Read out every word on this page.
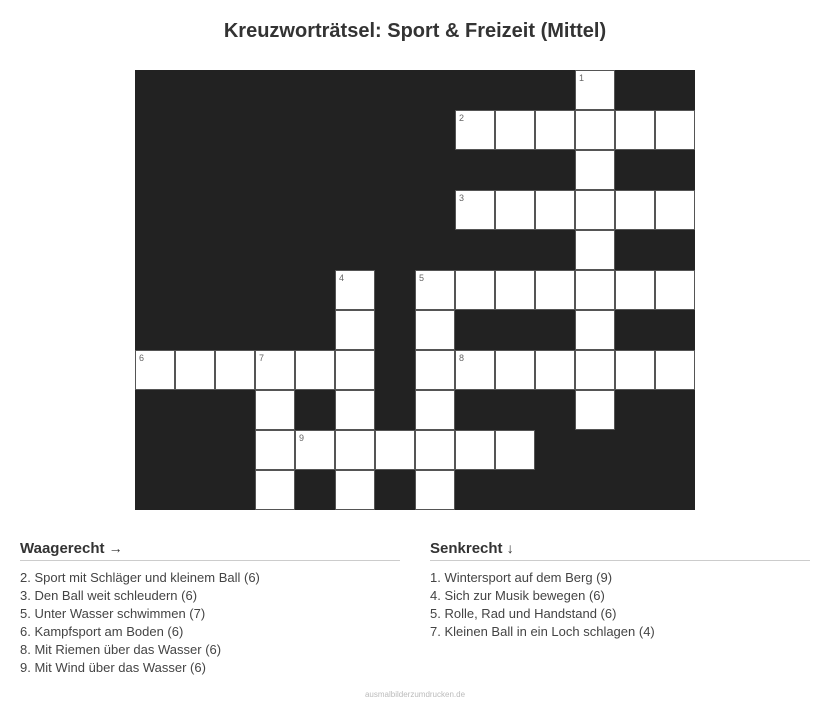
Kreuzworträtsel: Sport & Freizeit (Mittel)
1
2
3
4	5
6	7	8
9
Waagerecht →
2. Sport mit Schläger und kleinem Ball (6)
3. Den Ball weit schleudern (6)
5. Unter Wasser schwimmen (7)
6. Kampfsport am Boden (6)
8. Mit Riemen über das Wasser (6)
9. Mit Wind über das Wasser (6)
Senkrecht ↓
1. Wintersport auf dem Berg (9)
4. Sich zur Musik bewegen (6)
5. Rolle, Rad und Handstand (6)
7. Kleinen Ball in ein Loch schlagen (4)
ausmalbilderzumdrucken.de
